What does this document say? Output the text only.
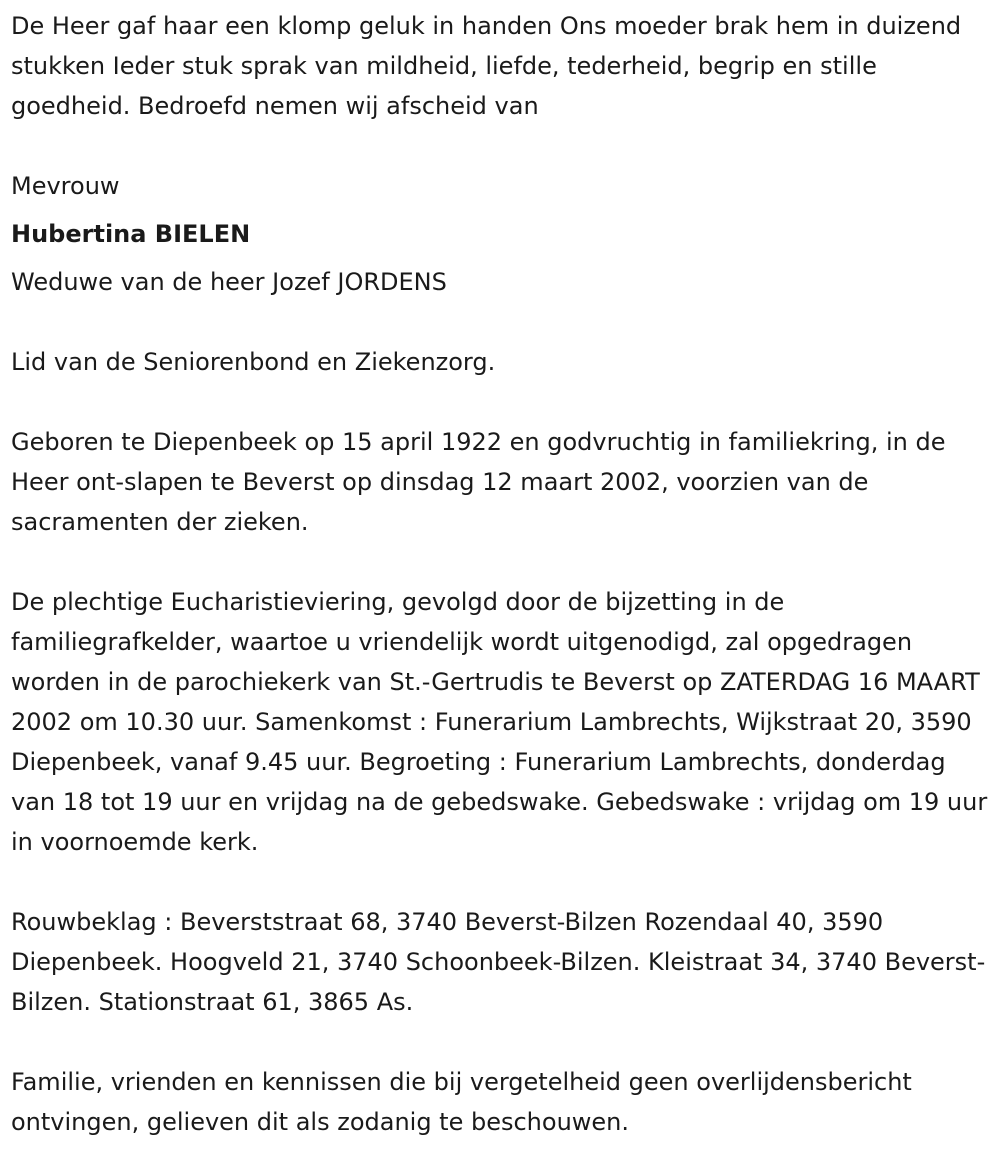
De Heer gaf haar een klomp geluk in handen Ons moeder brak hem in duizend stukken Ieder stuk sprak van mildheid, liefde, tederheid, begrip en stille goedheid. Bedroefd nemen wij afscheid van

Mevrouw

Hubertina BIELEN

Weduwe van de heer Jozef JORDENS

Lid van de Seniorenbond en Ziekenzorg.

Geboren te Diepenbeek op 15 april 1922 en godvruchtig in familiekring, in de Heer ont-slapen te Beverst op dinsdag 12 maart 2002, voorzien van de sacramenten der zieken.

De plechtige Eucharistieviering, gevolgd door de bijzetting in de familiegrafkelder, waartoe u vriendelijk wordt uitgenodigd, zal opgedragen worden in de parochiekerk van St.-Gertrudis te Beverst op ZATERDAG 16 MAART 2002 om 10.30 uur. Samenkomst : Funerarium Lambrechts, Wijkstraat 20, 3590 Diepenbeek, vanaf 9.45 uur. Begroeting : Funerarium Lambrechts, donderdag van 18 tot 19 uur en vrijdag na de gebedswake. Gebedswake : vrijdag om 19 uur in voornoemde kerk.

Rouwbeklag : Beverststraat 68, 3740 Beverst-Bilzen Rozendaal 40, 3590 Diepenbeek. Hoogveld 21, 3740 Schoonbeek-Bilzen. Kleistraat 34, 3740 Beverst-Bilzen. Stationstraat 61, 3865 As.

Familie, vrienden en kennissen die bij vergetelheid geen overlijdensbericht ontvingen, gelieven dit als zodanig te beschouwen.
